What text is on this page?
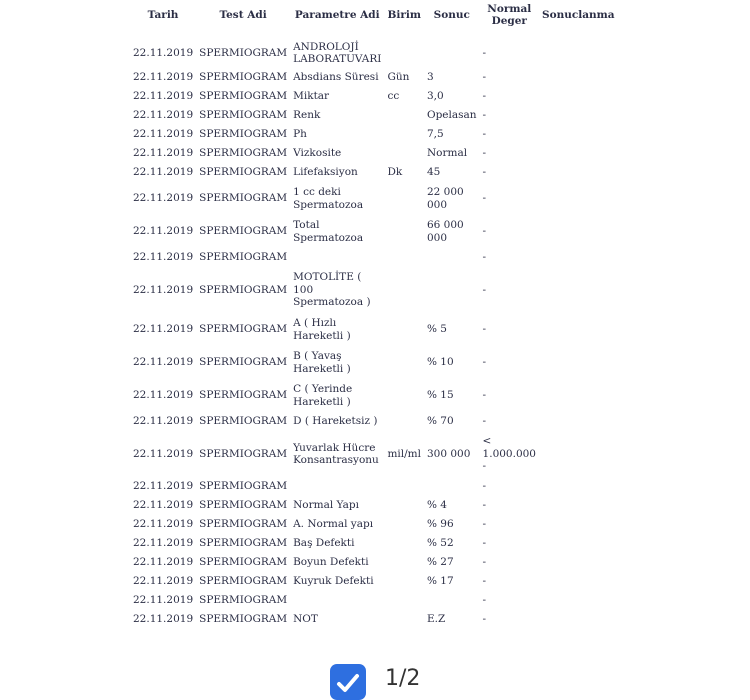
Tarih	Test Adi	Parametre Adi	Birim	Sonuc	Normal Deger	Sonuclanma

22.11.2019	SPERMIOGRAM	ANDROLOJİ LABORATUVARI			-	
22.11.2019	SPERMIOGRAM	Absdians Süresi	Gün	3	-	
22.11.2019	SPERMIOGRAM	Miktar	cc	3,0	-	
22.11.2019	SPERMIOGRAM	Renk		Opelasan	-	
22.11.2019	SPERMIOGRAM	Ph		7,5	-	
22.11.2019	SPERMIOGRAM	Vizkosite		Normal	-	
22.11.2019	SPERMIOGRAM	Lifefaksiyon	Dk	45	-	
22.11.2019	SPERMIOGRAM	1 cc deki Spermatozoa		22 000 000	-	
22.11.2019	SPERMIOGRAM	Total Spermatozoa		66 000 000	-	
22.11.2019	SPERMIOGRAM				-	
22.11.2019	SPERMIOGRAM	MOTOLİTE ( 100 Spermatozoa )			-	
22.11.2019	SPERMIOGRAM	A ( Hızlı Hareketli )		% 5	-	
22.11.2019	SPERMIOGRAM	B ( Yavaş Hareketli )		% 10	-	
22.11.2019	SPERMIOGRAM	C ( Yerinde Hareketli )		% 15	-	
22.11.2019	SPERMIOGRAM	D ( Hareketsiz )		% 70	-	
22.11.2019	SPERMIOGRAM	Yuvarlak Hücre Konsantrasyonu	mil/ml	300 000	< 1.000.000 -	
22.11.2019	SPERMIOGRAM				-	
22.11.2019	SPERMIOGRAM	Normal Yapı		% 4	-	
22.11.2019	SPERMIOGRAM	A. Normal yapı		% 96	-	
22.11.2019	SPERMIOGRAM	Baş Defekti		% 52	-	
22.11.2019	SPERMIOGRAM	Boyun Defekti		% 27	-	
22.11.2019	SPERMIOGRAM	Kuyruk Defekti		% 17	-	
22.11.2019	SPERMIOGRAM				-	
22.11.2019	SPERMIOGRAM	NOT		E.Z	-	
1/2
